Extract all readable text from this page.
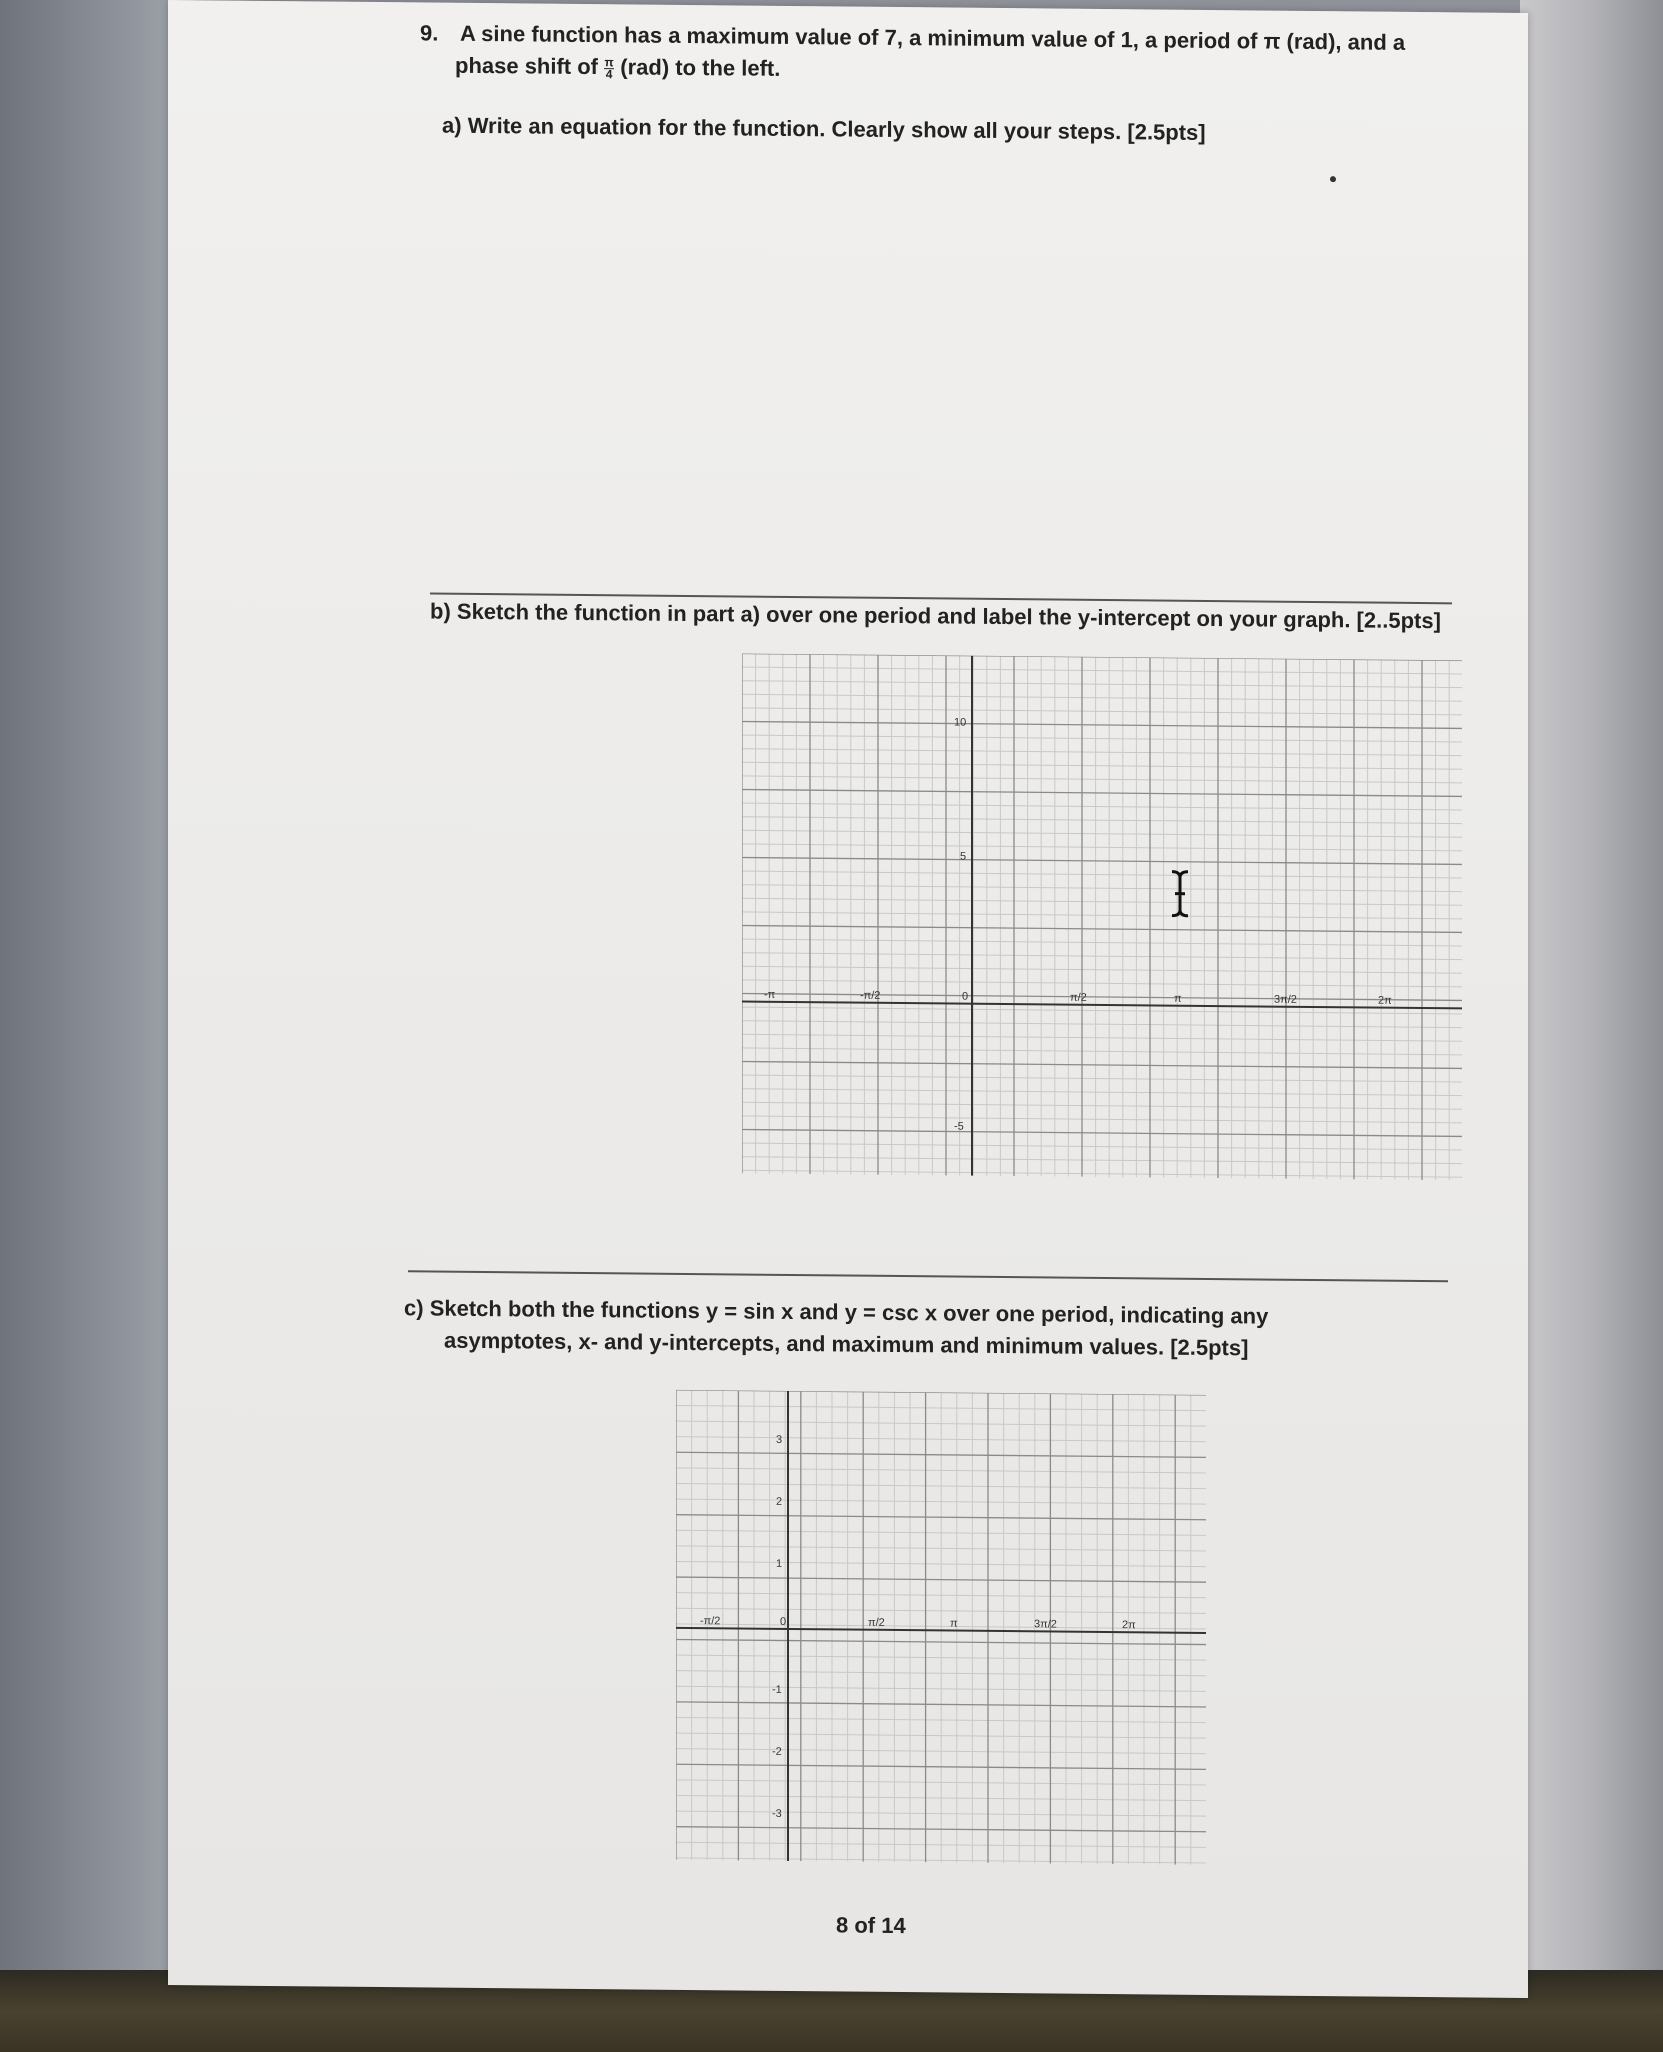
9. A sine function has a maximum value of 7, a minimum value of 1, a period of π (rad), and a
phase shift of $\frac{\pi}{4} (rad)$ to the left.
a) Write an equation for the function. Clearly show all your steps. [2.5pts]
b) Sketch the function in part a) over one period and label the y-intercept on your graph. [2..5pts]
-π	-π/2	0	π/2	π	3π/2	2π
10
5
-5
c) Sketch both the functions y = sin x and y = csc x over one period, indicating any
asymptotes, x- and y-intercepts, and maximum and minimum values. [2.5pts]
-π/2	0	π/2	π	3π/2	2π
3
2
1
-1
-2
-3
8 of 14
